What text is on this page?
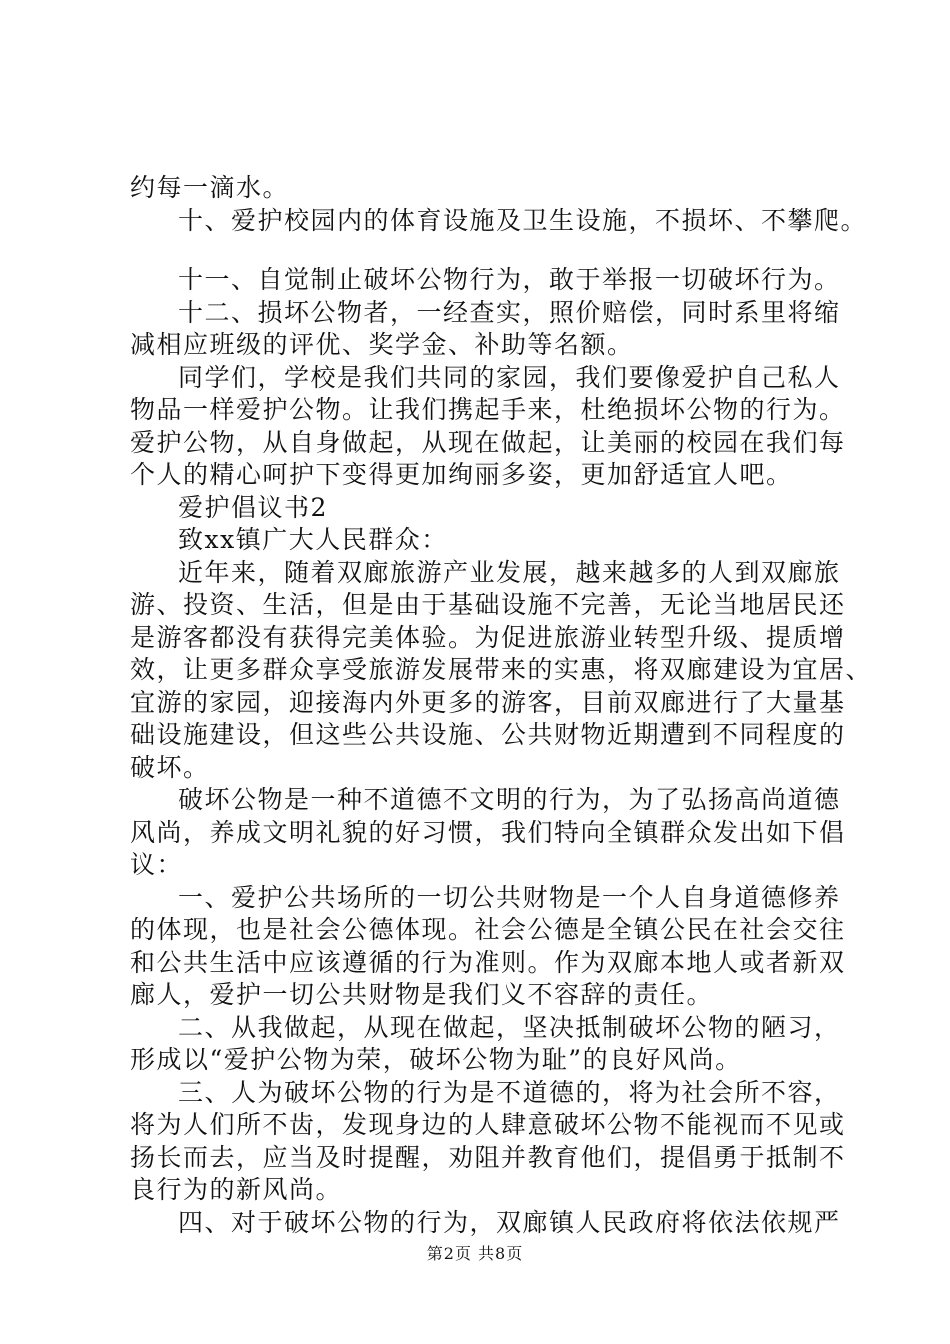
约每一滴水。

十、爱护校园内的体育设施及卫生设施，不损坏、不攀爬。

十一、自觉制止破坏公物行为，敢于举报一切破坏行为。

十二、损坏公物者，一经查实，照价赔偿，同时系里将缩

减相应班级的评优、奖学金、补助等名额。

同学们，学校是我们共同的家园，我们要像爱护自己私人

物品一样爱护公物。让我们携起手来，杜绝损坏公物的行为。

爱护公物，从自身做起，从现在做起，让美丽的校园在我们每

个人的精心呵护下变得更加绚丽多姿，更加舒适宜人吧。

爱护倡议书2

致xx镇广大人民群众：

近年来，随着双廊旅游产业发展，越来越多的人到双廊旅

游、投资、生活，但是由于基础设施不完善，无论当地居民还

是游客都没有获得完美体验。为促进旅游业转型升级、提质增

效，让更多群众享受旅游发展带来的实惠，将双廊建设为宜居、

宜游的家园，迎接海内外更多的游客，目前双廊进行了大量基

础设施建设，但这些公共设施、公共财物近期遭到不同程度的

破坏。

破坏公物是一种不道德不文明的行为，为了弘扬高尚道德

风尚，养成文明礼貌的好习惯，我们特向全镇群众发出如下倡

议：

一、爱护公共场所的一切公共财物是一个人自身道德修养

的体现，也是社会公德体现。社会公德是全镇公民在社会交往

和公共生活中应该遵循的行为准则。作为双廊本地人或者新双

廊人，爱护一切公共财物是我们义不容辞的责任。

二、从我做起，从现在做起，坚决抵制破坏公物的陋习，

形成以“爱护公物为荣，破坏公物为耻”的良好风尚。

三、人为破坏公物的行为是不道德的，将为社会所不容，

将为人们所不齿，发现身边的人肆意破坏公物不能视而不见或

扬长而去，应当及时提醒，劝阻并教育他们，提倡勇于抵制不

良行为的新风尚。

四、对于破坏公物的行为，双廊镇人民政府将依法依规严

第2页 共8页
